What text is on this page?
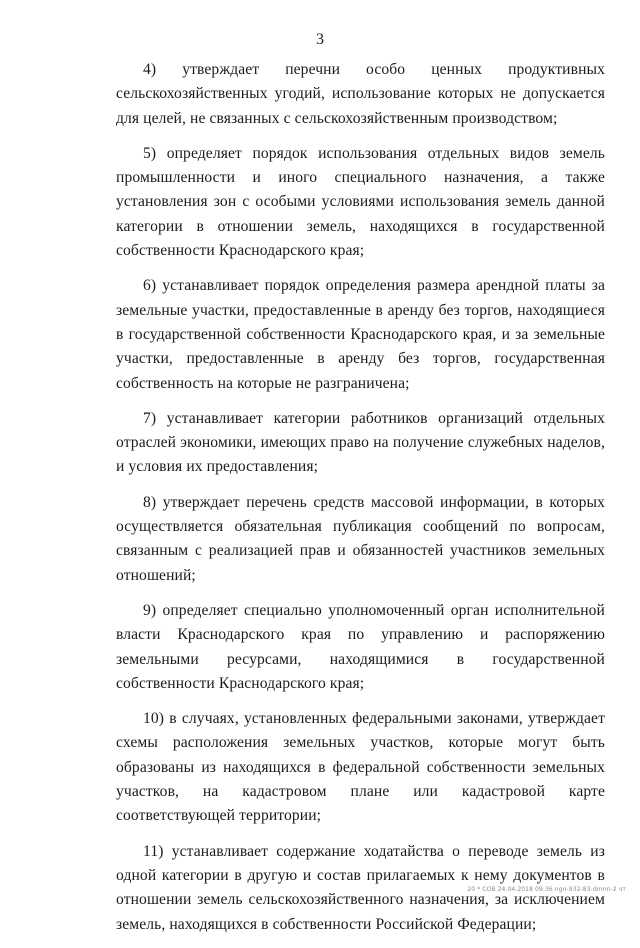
3

4) утверждает перечни особо ценных продуктивных сельскохозяйственных угодий, использование которых не допускается для целей, не связанных с сельскохозяйственным производством;

5) определяет порядок использования отдельных видов земель промышленности и иного специального назначения, а также установления зон с особыми условиями использования земель данной категории в отношении земель, находящихся в государственной собственности Краснодарского края;

6) устанавливает порядок определения размера арендной платы за земельные участки, предоставленные в аренду без торгов, находящиеся в государственной собственности Краснодарского края, и за земельные участки, предоставленные в аренду без торгов, государственная собственность на которые не разграничена;

7) устанавливает категории работников организаций отдельных отраслей экономики, имеющих право на получение служебных наделов, и условия их предоставления;

8) утверждает перечень средств массовой информации, в которых осуществляется обязательная публикация сообщений по вопросам, связанным с реализацией прав и обязанностей участников земельных отношений;

9) определяет специально уполномоченный орган исполнительной власти Краснодарского края по управлению и распоряжению земельными ресурсами, находящимися в государственной собственности Краснодарского края;

10) в случаях, установленных федеральными законами, утверждает схемы расположения земельных участков, которые могут быть образованы из находящихся в федеральной собственности земельных участков, на кадастровом плане или кадастровой карте соответствующей территории;

11) устанавливает содержание ходатайства о переводе земель из одной категории в другую и состав прилагаемых к нему документов в отношении земель сельскохозяйственного назначения, за исключением земель, находящихся в собственности Российской Федерации;

20 * СОВ 24.04.2018 09:36 ngn-932-83-dmnn-2 чт
